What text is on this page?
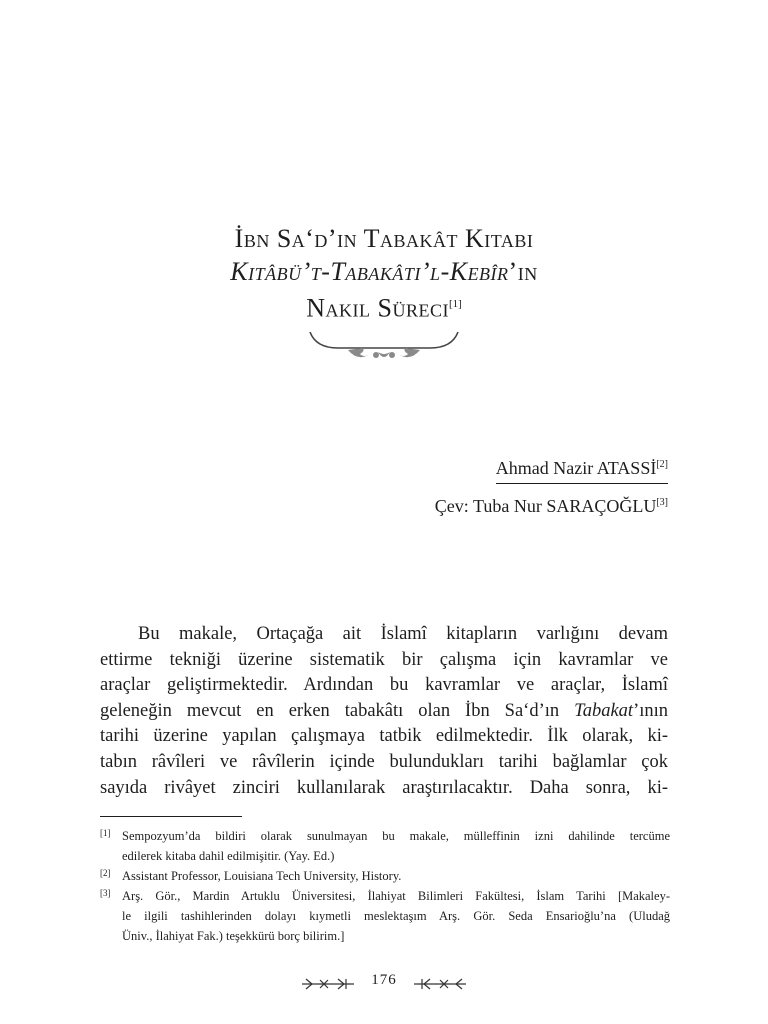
İbn Sa‘d’ın Tabakât Kitabı
Kitâbü’t-Tabakâti’l-Kebîr’in
Nakil Süreci[1]
Ahmad Nazir ATASSİ[2]
Çev: Tuba Nur SARAÇOĞLU[3]
Bu makale, Ortaçağa ait İslamî kitapların varlığını devam
ettirme tekniği üzerine sistematik bir çalışma için kavramlar ve
araçlar geliştirmektedir. Ardından bu kavramlar ve araçlar, İslamî
geleneğin mevcut en erken tabakâtı olan İbn Sa‘d’ın Tabakat’ının
tarihi üzerine yapılan çalışmaya tatbik edilmektedir. İlk olarak, ki-
tabın râvîleri ve râvîlerin içinde bulundukları tarihi bağlamlar çok
sayıda rivâyet zinciri kullanılarak araştırılacaktır. Daha sonra, ki-
[1] Sempozyum’da bildiri olarak sunulmayan bu makale, mülleffinin izni dahilinde tercüme
edilerek kitaba dahil edilmişitir. (Yay. Ed.)
[2] Assistant Professor, Louisiana Tech University, History.
[3] Arş. Gör., Mardin Artuklu Üniversitesi, İlahiyat Bilimleri Fakültesi, İslam Tarihi [Makaley-
le ilgili tashihlerinden dolayı kıymetli meslektaşım Arş. Gör. Seda Ensarioğlu’na (Uludağ
Üniv., İlahiyat Fak.) teşekkürü borç bilirim.]
176
